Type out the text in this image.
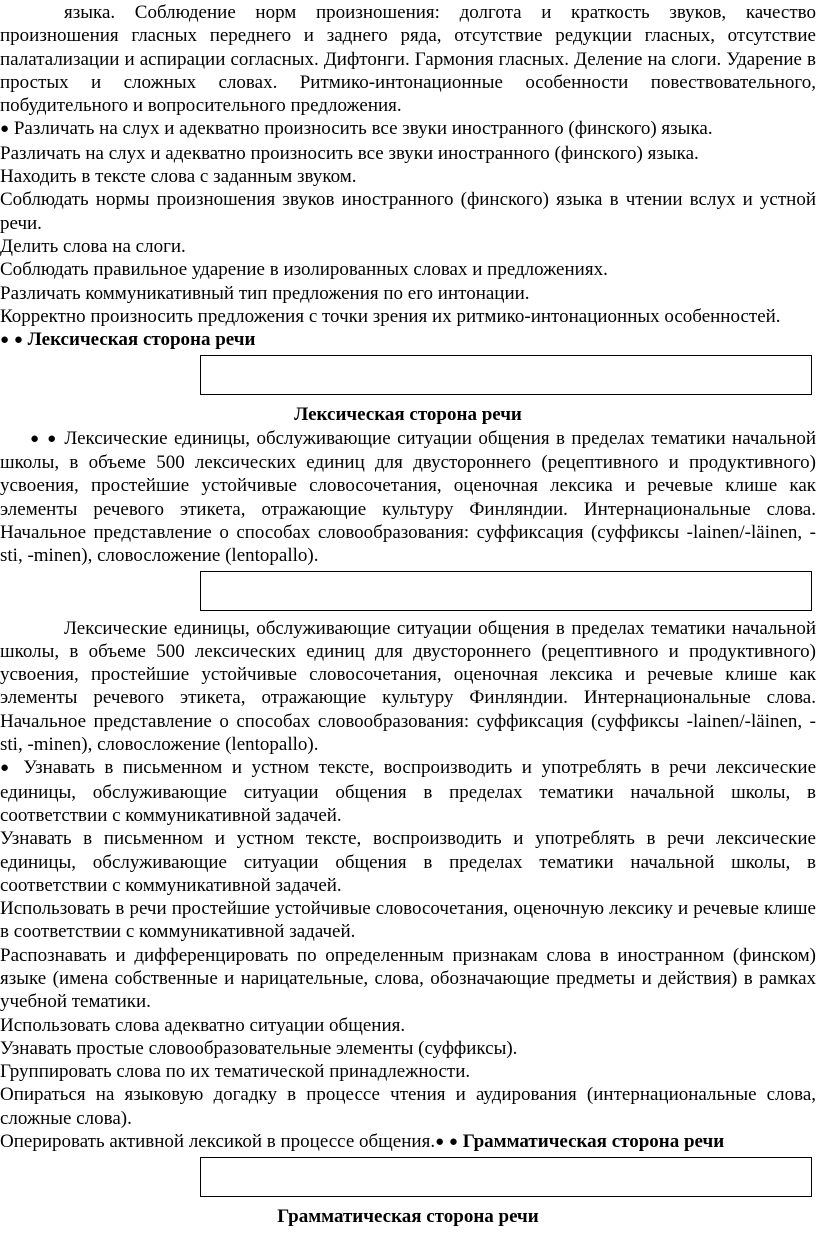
языка. Соблюдение норм произношения: долгота и краткость звуков, качество произношения гласных переднего и заднего ряда, отсутствие редукции гласных, отсутствие палатализации и аспирации согласных. Дифтонги. Гармония гласных. Деление на слоги. Ударение в простых и сложных словах. Ритмико-интонационные особенности повествовательного, побудительного и вопросительного предложения.

● Различать на слух и адекватно произносить все звуки иностранного (финского) языка.

Различать на слух и адекватно произносить все звуки иностранного (финского) языка.

Находить в тексте слова с заданным звуком.

Соблюдать нормы произношения звуков иностранного (финского) языка в чтении вслух и устной речи.

Делить слова на слоги.

Соблюдать правильное ударение в изолированных словах и предложениях.

Различать коммуникативный тип предложения по его интонации.

Корректно произносить предложения с точки зрения их ритмико-интонационных особенностей.

● ● Лексическая сторона речи

Лексическая сторона речи

● ● Лексические единицы, обслуживающие ситуации общения в пределах тематики начальной школы, в объеме 500 лексических единиц для двустороннего (рецептивного и продуктивного) усвоения, простейшие устойчивые словосочетания, оценочная лексика и речевые клише как элементы речевого этикета, отражающие культуру Финляндии. Интернациональные слова. Начальное представление о способах словообразования: суффиксация (суффиксы -lainen/-läinen, -sti, -minen), словосложение (lentopallo).

Лексические единицы, обслуживающие ситуации общения в пределах тематики начальной школы, в объеме 500 лексических единиц для двустороннего (рецептивного и продуктивного) усвоения, простейшие устойчивые словосочетания, оценочная лексика и речевые клише как элементы речевого этикета, отражающие культуру Финляндии. Интернациональные слова. Начальное представление о способах словообразования: суффиксация (суффиксы -lainen/-läinen, -sti, -minen), словосложение (lentopallo).

● Узнавать в письменном и устном тексте, воспроизводить и употреблять в речи лексические единицы, обслуживающие ситуации общения в пределах тематики начальной школы, в соответствии с коммуникативной задачей.

Узнавать в письменном и устном тексте, воспроизводить и употреблять в речи лексические единицы, обслуживающие ситуации общения в пределах тематики начальной школы, в соответствии с коммуникативной задачей.

Использовать в речи простейшие устойчивые словосочетания, оценочную лексику и речевые клише в соответствии с коммуникативной задачей.

Распознавать и дифференцировать по определенным признакам слова в иностранном (финском) языке (имена собственные и нарицательные, слова, обозначающие предметы и действия) в рамках учебной тематики.

Использовать слова адекватно ситуации общения.

Узнавать простые словообразовательные элементы (суффиксы).

Группировать слова по их тематической принадлежности.

Опираться на языковую догадку в процессе чтения и аудирования (интернациональные слова, сложные слова).

Оперировать активной лексикой в процессе общения.● ● Грамматическая сторона речи

Грамматическая сторона речи
